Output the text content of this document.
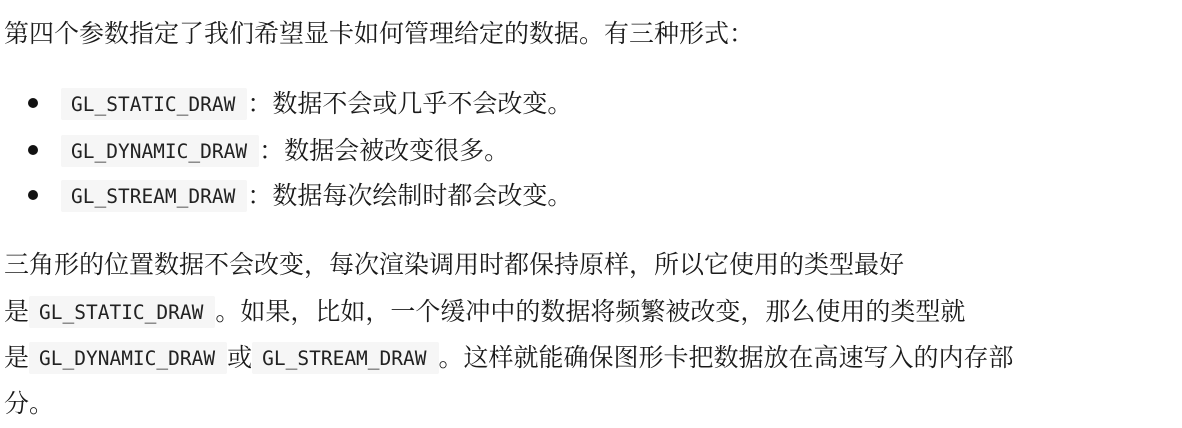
第四个参数指定了我们希望显卡如何管理给定的数据。有三种形式：
GL_STATIC_DRAW ：数据不会或几乎不会改变。
GL_DYNAMIC_DRAW ：数据会被改变很多。
GL_STREAM_DRAW ：数据每次绘制时都会改变。
三角形的位置数据不会改变，每次渲染调用时都保持原样，所以它使用的类型最好
是 GL_STATIC_DRAW 。如果，比如，一个缓冲中的数据将频繁被改变，那么使用的类型就
是 GL_DYNAMIC_DRAW 或 GL_STREAM_DRAW 。这样就能确保图形卡把数据放在高速写入的内存部
分。
